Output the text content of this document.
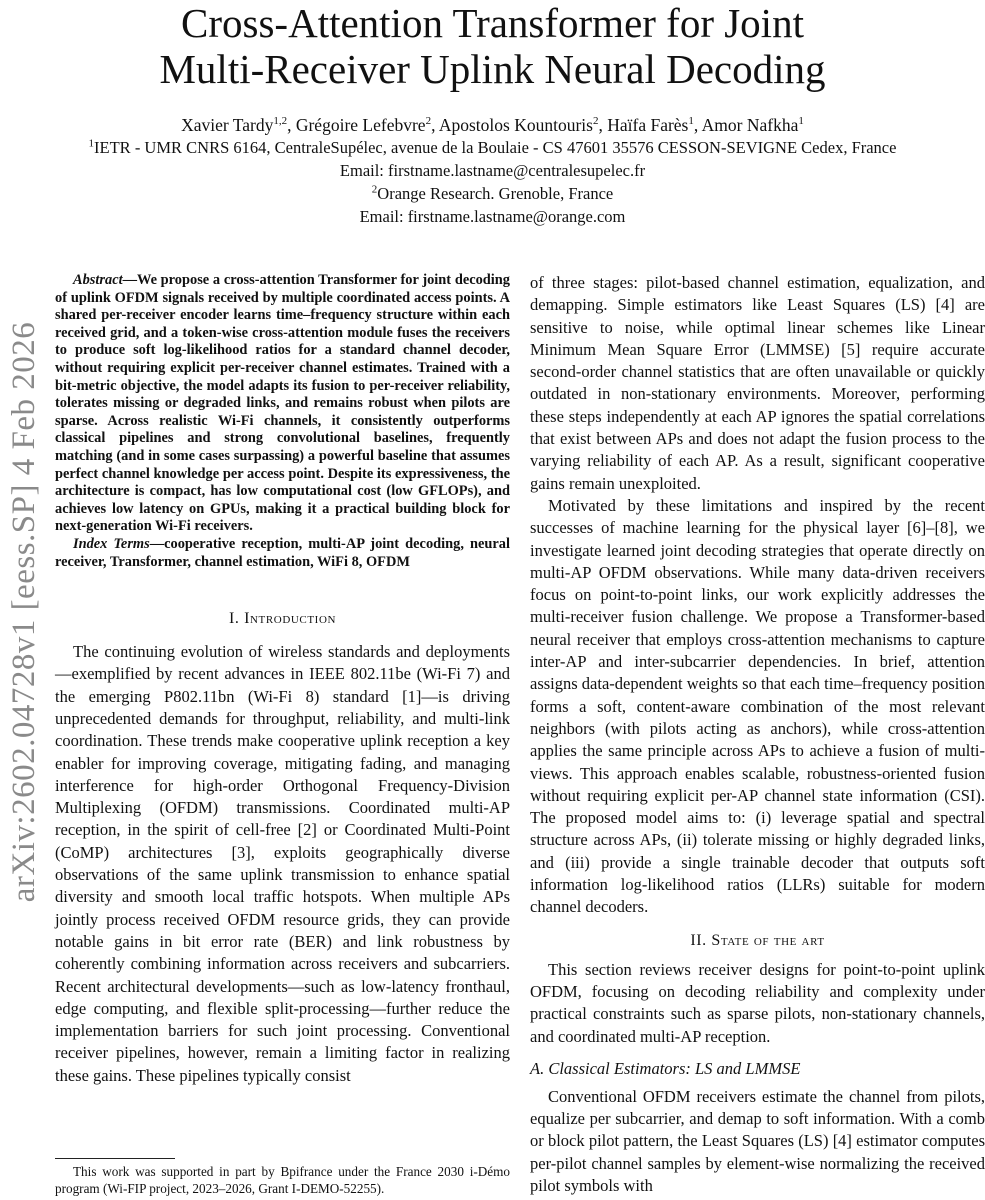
Cross-Attention Transformer for Joint
Multi-Receiver Uplink Neural Decoding
Xavier Tardy$^{1,2}$, Grégoire Lefebvre$^2$, Apostolos Kountouris$^2$, Haïfa Farès$^1$, Amor Nafkha$^1$
$^1$IETR - UMR CNRS 6164, CentraleSupélec, avenue de la Boulaie - CS 47601 35576 CESSON-SEVIGNE Cedex, France
Email: firstname.lastname@centralesupelec.fr
$^2$Orange Research. Grenoble, France
Email: firstname.lastname@orange.com
arXiv:2602.04728v1 [eess.SP] 4 Feb 2026

Abstract—We propose a cross-attention Transformer for joint decoding of uplink OFDM signals received by multiple coordinated access points. A shared per-receiver encoder learns time–frequency structure within each received grid, and a token-wise cross-attention module fuses the receivers to produce soft log-likelihood ratios for a standard channel decoder, without requiring explicit per-receiver channel estimates. Trained with a bit-metric objective, the model adapts its fusion to per-receiver reliability, tolerates missing or degraded links, and remains robust when pilots are sparse. Across realistic Wi-Fi channels, it consistently outperforms classical pipelines and strong convolutional baselines, frequently matching (and in some cases surpassing) a powerful baseline that assumes perfect channel knowledge per access point. Despite its expressiveness, the architecture is compact, has low computational cost (low GFLOPs), and achieves low latency on GPUs, making it a practical building block for next-generation Wi-Fi receivers.

Index Terms—cooperative reception, multi-AP joint decoding, neural receiver, Transformer, channel estimation, WiFi 8, OFDM

I. Introduction

The continuing evolution of wireless standards and deployments—exemplified by recent advances in IEEE 802.11be (Wi-Fi 7) and the emerging P802.11bn (Wi-Fi 8) standard [1]—is driving unprecedented demands for throughput, reliability, and multi-link coordination. These trends make cooperative uplink reception a key enabler for improving coverage, mitigating fading, and managing interference for high-order Orthogonal Frequency-Division Multiplexing (OFDM) transmissions. Coordinated multi-AP reception, in the spirit of cell-free [2] or Coordinated Multi-Point (CoMP) architectures [3], exploits geographically diverse observations of the same uplink transmission to enhance spatial diversity and smooth local traffic hotspots. When multiple APs jointly process received OFDM resource grids, they can provide notable gains in bit error rate (BER) and link robustness by coherently combining information across receivers and subcarriers. Recent architectural developments—such as low-latency fronthaul, edge computing, and flexible split-processing—further reduce the implementation barriers for such joint processing. Conventional receiver pipelines, however, remain a limiting factor in realizing these gains. These pipelines typically consist

of three stages: pilot-based channel estimation, equalization, and demapping. Simple estimators like Least Squares (LS) [4] are sensitive to noise, while optimal linear schemes like Linear Minimum Mean Square Error (LMMSE) [5] require accurate second-order channel statistics that are often unavailable or quickly outdated in non-stationary environments. Moreover, performing these steps independently at each AP ignores the spatial correlations that exist between APs and does not adapt the fusion process to the varying reliability of each AP. As a result, significant cooperative gains remain unexploited.

Motivated by these limitations and inspired by the recent successes of machine learning for the physical layer [6]–[8], we investigate learned joint decoding strategies that operate directly on multi-AP OFDM observations. While many data-driven receivers focus on point-to-point links, our work explicitly addresses the multi-receiver fusion challenge. We propose a Transformer-based neural receiver that employs cross-attention mechanisms to capture inter-AP and inter-subcarrier dependencies. In brief, attention assigns data-dependent weights so that each time–frequency position forms a soft, content-aware combination of the most relevant neighbors (with pilots acting as anchors), while cross-attention applies the same principle across APs to achieve a fusion of multi-views. This approach enables scalable, robustness-oriented fusion without requiring explicit per-AP channel state information (CSI). The proposed model aims to: (i) leverage spatial and spectral structure across APs, (ii) tolerate missing or highly degraded links, and (iii) provide a single trainable decoder that outputs soft information log-likelihood ratios (LLRs) suitable for modern channel decoders.

II. State of the art

This section reviews receiver designs for point-to-point uplink OFDM, focusing on decoding reliability and complexity under practical constraints such as sparse pilots, non-stationary channels, and coordinated multi-AP reception.

A. Classical Estimators: LS and LMMSE

Conventional OFDM receivers estimate the channel from pilots, equalize per subcarrier, and demap to soft information. With a comb or block pilot pattern, the Least Squares (LS) [4] estimator computes per-pilot channel samples by element-wise normalizing the received pilot symbols with

This work was supported in part by Bpifrance under the France 2030 i-Démo program (Wi-FIP project, 2023–2026, Grant I-DEMO-52255).
